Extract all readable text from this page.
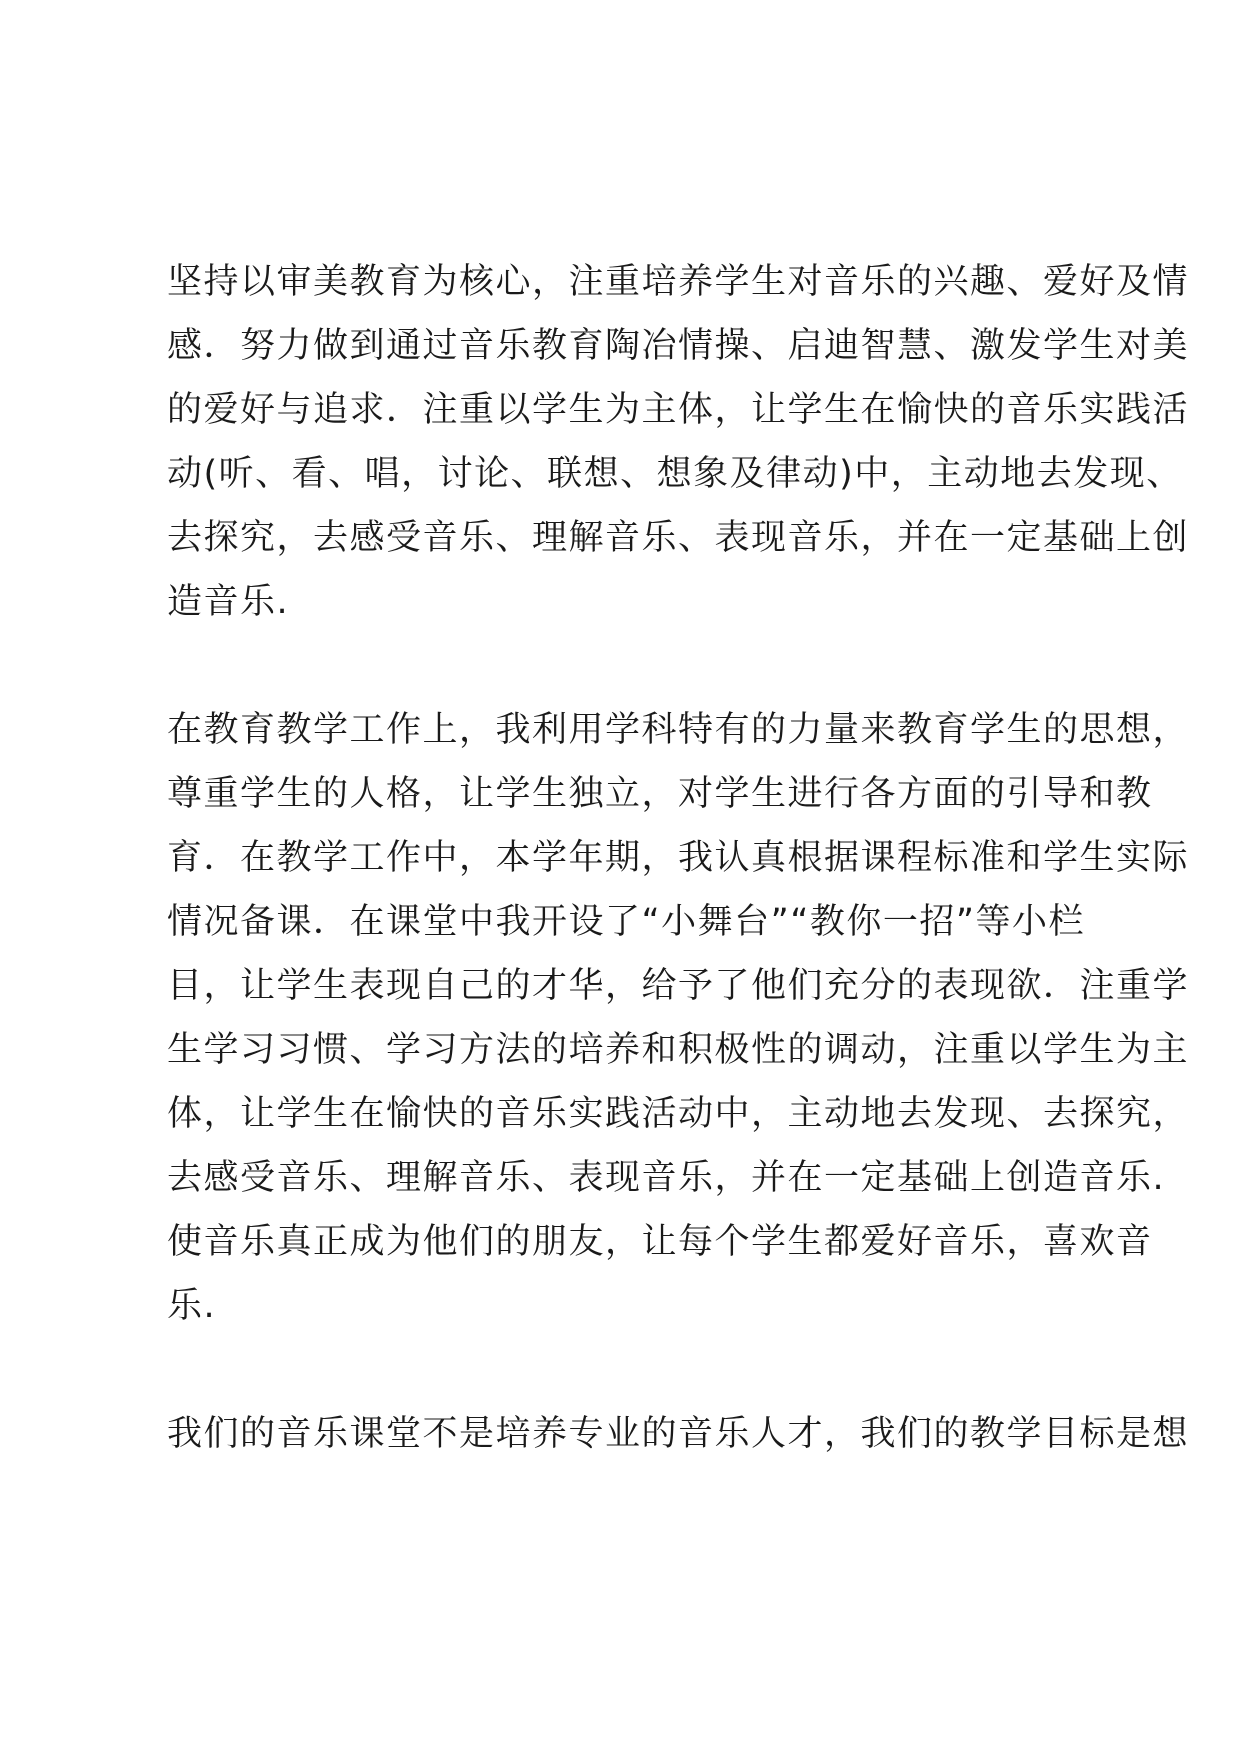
坚持以审美教育为核心，注重培养学生对音乐的兴趣、爱好及情
感．努力做到通过音乐教育陶冶情操、启迪智慧、激发学生对美
的爱好与追求．注重以学生为主体，让学生在愉快的音乐实践活
动(听、看、唱，讨论、联想、想象及律动)中，主动地去发现、
去探究，去感受音乐、理解音乐、表现音乐，并在一定基础上创
造音乐.
在教育教学工作上，我利用学科特有的力量来教育学生的思想，
尊重学生的人格，让学生独立，对学生进行各方面的引导和教
育．在教学工作中，本学年期，我认真根据课程标准和学生实际
情况备课．在课堂中我开设了“小舞台”“教你一招”等小栏
目，让学生表现自己的才华，给予了他们充分的表现欲．注重学
生学习习惯、学习方法的培养和积极性的调动，注重以学生为主
体，让学生在愉快的音乐实践活动中，主动地去发现、去探究，
去感受音乐、理解音乐、表现音乐，并在一定基础上创造音乐.
使音乐真正成为他们的朋友，让每个学生都爱好音乐，喜欢音
乐.
我们的音乐课堂不是培养专业的音乐人才，我们的教学目标是想
